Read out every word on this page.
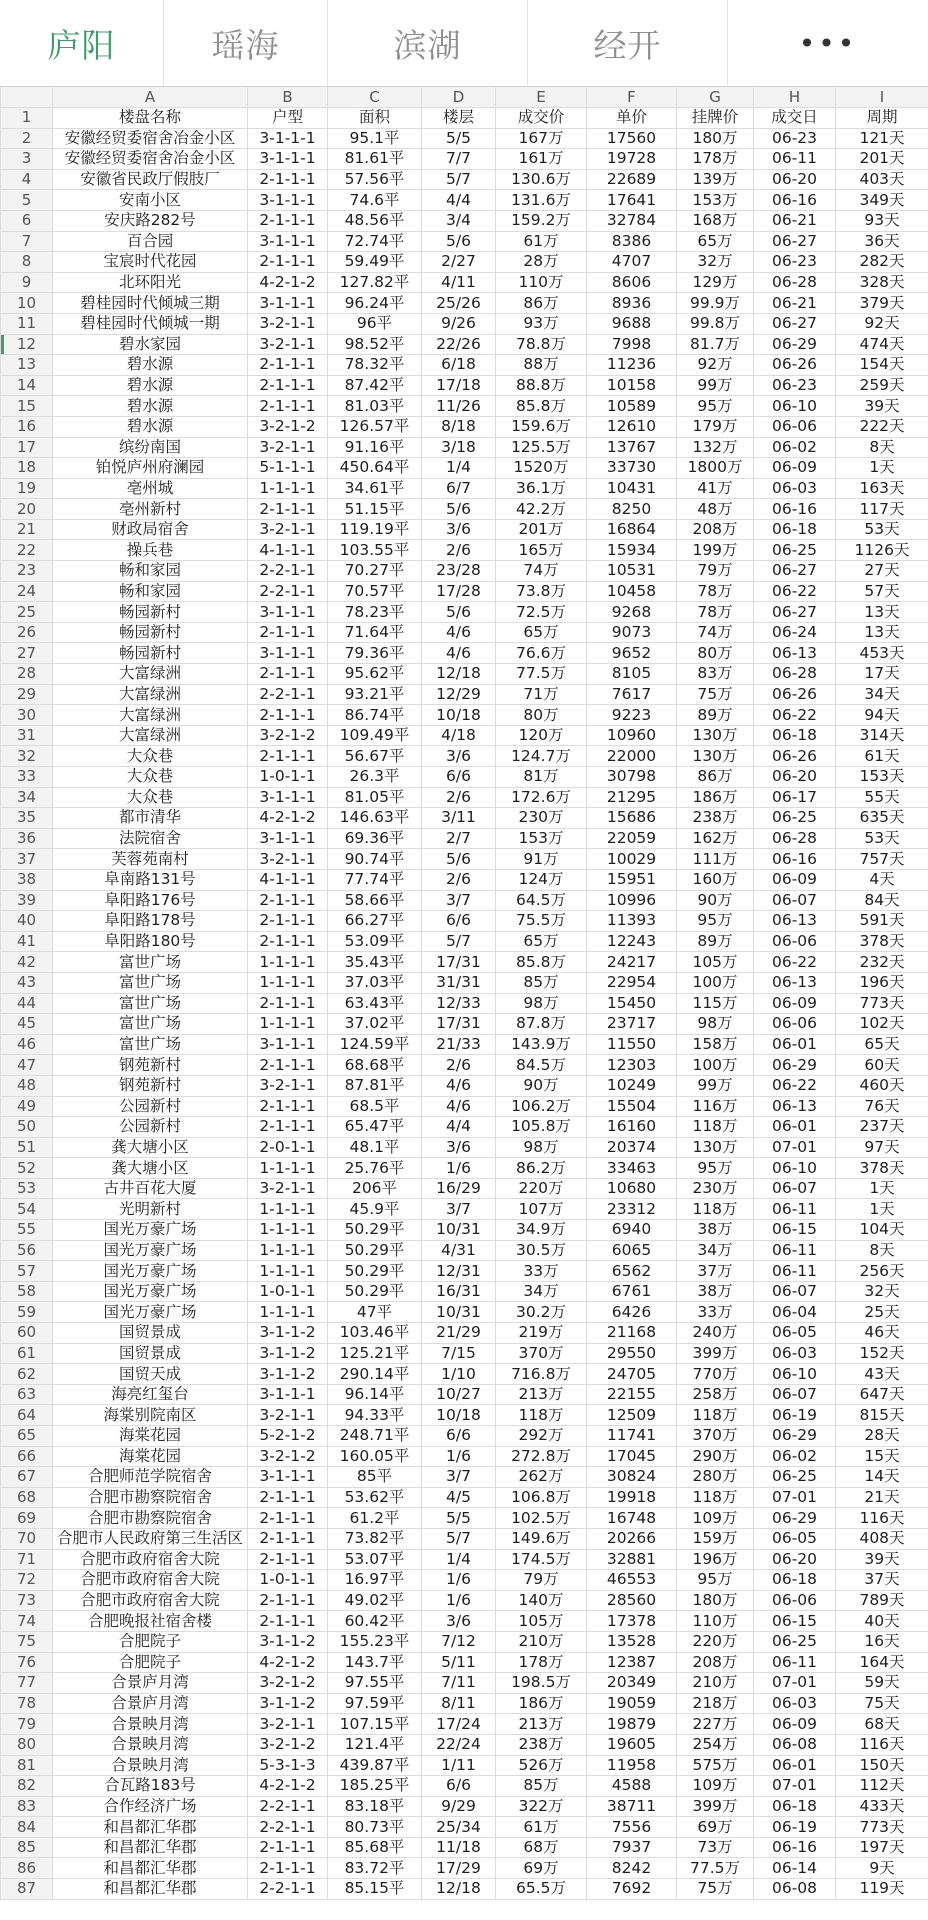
庐阳	瑶海	滨湖	经开	•••
	A	B	C	D	E	F	G	H	I
1	楼盘名称	户型	面积	楼层	成交价	单价	挂牌价	成交日	周期
2	安徽经贸委宿舍冶金小区	3-1-1-1	95.1平	5/5	167万	17560	180万	06-23	121天
3	安徽经贸委宿舍冶金小区	3-1-1-1	81.61平	7/7	161万	19728	178万	06-11	201天
4	安徽省民政厅假肢厂	2-1-1-1	57.56平	5/7	130.6万	22689	139万	06-20	403天
5	安南小区	3-1-1-1	74.6平	4/4	131.6万	17641	153万	06-16	349天
6	安庆路282号	2-1-1-1	48.56平	3/4	159.2万	32784	168万	06-21	93天
7	百合园	3-1-1-1	72.74平	5/6	61万	8386	65万	06-27	36天
8	宝宸时代花园	2-1-1-1	59.49平	2/27	28万	4707	32万	06-23	282天
9	北环阳光	4-2-1-2	127.82平	4/11	110万	8606	129万	06-28	328天
10	碧桂园时代倾城三期	3-1-1-1	96.24平	25/26	86万	8936	99.9万	06-21	379天
11	碧桂园时代倾城一期	3-2-1-1	96平	9/26	93万	9688	99.8万	06-27	92天
12	碧水家园	3-2-1-1	98.52平	22/26	78.8万	7998	81.7万	06-29	474天
13	碧水源	2-1-1-1	78.32平	6/18	88万	11236	92万	06-26	154天
14	碧水源	2-1-1-1	87.42平	17/18	88.8万	10158	99万	06-23	259天
15	碧水源	2-1-1-1	81.03平	11/26	85.8万	10589	95万	06-10	39天
16	碧水源	3-2-1-2	126.57平	8/18	159.6万	12610	179万	06-06	222天
17	缤纷南国	3-2-1-1	91.16平	3/18	125.5万	13767	132万	06-02	8天
18	铂悦庐州府澜园	5-1-1-1	450.64平	1/4	1520万	33730	1800万	06-09	1天
19	亳州城	1-1-1-1	34.61平	6/7	36.1万	10431	41万	06-03	163天
20	亳州新村	2-1-1-1	51.15平	5/6	42.2万	8250	48万	06-16	117天
21	财政局宿舍	3-2-1-1	119.19平	3/6	201万	16864	208万	06-18	53天
22	操兵巷	4-1-1-1	103.55平	2/6	165万	15934	199万	06-25	1126天
23	畅和家园	2-2-1-1	70.27平	23/28	74万	10531	79万	06-27	27天
24	畅和家园	2-2-1-1	70.57平	17/28	73.8万	10458	78万	06-22	57天
25	畅园新村	3-1-1-1	78.23平	5/6	72.5万	9268	78万	06-27	13天
26	畅园新村	2-1-1-1	71.64平	4/6	65万	9073	74万	06-24	13天
27	畅园新村	3-1-1-1	79.36平	4/6	76.6万	9652	80万	06-13	453天
28	大富绿洲	2-1-1-1	95.62平	12/18	77.5万	8105	83万	06-28	17天
29	大富绿洲	2-2-1-1	93.21平	12/29	71万	7617	75万	06-26	34天
30	大富绿洲	2-1-1-1	86.74平	10/18	80万	9223	89万	06-22	94天
31	大富绿洲	3-2-1-2	109.49平	4/18	120万	10960	130万	06-18	314天
32	大众巷	2-1-1-1	56.67平	3/6	124.7万	22000	130万	06-26	61天
33	大众巷	1-0-1-1	26.3平	6/6	81万	30798	86万	06-20	153天
34	大众巷	3-1-1-1	81.05平	2/6	172.6万	21295	186万	06-17	55天
35	都市清华	4-2-1-2	146.63平	3/11	230万	15686	238万	06-25	635天
36	法院宿舍	3-1-1-1	69.36平	2/7	153万	22059	162万	06-28	53天
37	芙蓉苑南村	3-2-1-1	90.74平	5/6	91万	10029	111万	06-16	757天
38	阜南路131号	4-1-1-1	77.74平	2/6	124万	15951	160万	06-09	4天
39	阜阳路176号	2-1-1-1	58.66平	3/7	64.5万	10996	90万	06-07	84天
40	阜阳路178号	2-1-1-1	66.27平	6/6	75.5万	11393	95万	06-13	591天
41	阜阳路180号	2-1-1-1	53.09平	5/7	65万	12243	89万	06-06	378天
42	富世广场	1-1-1-1	35.43平	17/31	85.8万	24217	105万	06-22	232天
43	富世广场	1-1-1-1	37.03平	31/31	85万	22954	100万	06-13	196天
44	富世广场	2-1-1-1	63.43平	12/33	98万	15450	115万	06-09	773天
45	富世广场	1-1-1-1	37.02平	17/31	87.8万	23717	98万	06-06	102天
46	富世广场	3-1-1-1	124.59平	21/33	143.9万	11550	158万	06-01	65天
47	钢苑新村	2-1-1-1	68.68平	2/6	84.5万	12303	100万	06-29	60天
48	钢苑新村	3-2-1-1	87.81平	4/6	90万	10249	99万	06-22	460天
49	公园新村	2-1-1-1	68.5平	4/6	106.2万	15504	116万	06-13	76天
50	公园新村	2-1-1-1	65.47平	4/4	105.8万	16160	118万	06-01	237天
51	龚大塘小区	2-0-1-1	48.1平	3/6	98万	20374	130万	07-01	97天
52	龚大塘小区	1-1-1-1	25.76平	1/6	86.2万	33463	95万	06-10	378天
53	古井百花大厦	3-2-1-1	206平	16/29	220万	10680	230万	06-07	1天
54	光明新村	1-1-1-1	45.9平	3/7	107万	23312	118万	06-11	1天
55	国光万豪广场	1-1-1-1	50.29平	10/31	34.9万	6940	38万	06-15	104天
56	国光万豪广场	1-1-1-1	50.29平	4/31	30.5万	6065	34万	06-11	8天
57	国光万豪广场	1-1-1-1	50.29平	12/31	33万	6562	37万	06-11	256天
58	国光万豪广场	1-0-1-1	50.29平	16/31	34万	6761	38万	06-07	32天
59	国光万豪广场	1-1-1-1	47平	10/31	30.2万	6426	33万	06-04	25天
60	国贸景成	3-1-1-2	103.46平	21/29	219万	21168	240万	06-05	46天
61	国贸景成	3-1-1-2	125.21平	7/15	370万	29550	399万	06-03	152天
62	国贸天成	3-1-1-2	290.14平	1/10	716.8万	24705	770万	06-10	43天
63	海亮红玺台	3-1-1-1	96.14平	10/27	213万	22155	258万	06-07	647天
64	海棠别院南区	3-2-1-1	94.33平	10/18	118万	12509	118万	06-19	815天
65	海棠花园	5-2-1-2	248.71平	6/6	292万	11741	370万	06-29	28天
66	海棠花园	3-2-1-2	160.05平	1/6	272.8万	17045	290万	06-02	15天
67	合肥师范学院宿舍	3-1-1-1	85平	3/7	262万	30824	280万	06-25	14天
68	合肥市勘察院宿舍	2-1-1-1	53.62平	4/5	106.8万	19918	118万	07-01	21天
69	合肥市勘察院宿舍	2-1-1-1	61.2平	5/5	102.5万	16748	109万	06-29	116天
70	合肥市人民政府第三生活区	2-1-1-1	73.82平	5/7	149.6万	20266	159万	06-05	408天
71	合肥市政府宿舍大院	2-1-1-1	53.07平	1/4	174.5万	32881	196万	06-20	39天
72	合肥市政府宿舍大院	1-0-1-1	16.97平	1/6	79万	46553	95万	06-18	37天
73	合肥市政府宿舍大院	2-1-1-1	49.02平	1/6	140万	28560	180万	06-06	789天
74	合肥晚报社宿舍楼	2-1-1-1	60.42平	3/6	105万	17378	110万	06-15	40天
75	合肥院子	3-1-1-2	155.23平	7/12	210万	13528	220万	06-25	16天
76	合肥院子	4-2-1-2	143.7平	5/11	178万	12387	208万	06-11	164天
77	合景庐月湾	3-2-1-2	97.55平	7/11	198.5万	20349	210万	07-01	59天
78	合景庐月湾	3-1-1-2	97.59平	8/11	186万	19059	218万	06-03	75天
79	合景映月湾	3-2-1-1	107.15平	17/24	213万	19879	227万	06-09	68天
80	合景映月湾	3-2-1-2	121.4平	22/24	238万	19605	254万	06-08	116天
81	合景映月湾	5-3-1-3	439.87平	1/11	526万	11958	575万	06-01	150天
82	合瓦路183号	4-2-1-2	185.25平	6/6	85万	4588	109万	07-01	112天
83	合作经济广场	2-2-1-1	83.18平	9/29	322万	38711	399万	06-18	433天
84	和昌都汇华郡	2-2-1-1	80.73平	25/34	61万	7556	69万	06-19	773天
85	和昌都汇华郡	2-1-1-1	85.68平	11/18	68万	7937	73万	06-16	197天
86	和昌都汇华郡	2-1-1-1	83.72平	17/29	69万	8242	77.5万	06-14	9天
87	和昌都汇华郡	2-2-1-1	85.15平	12/18	65.5万	7692	75万	06-08	119天
